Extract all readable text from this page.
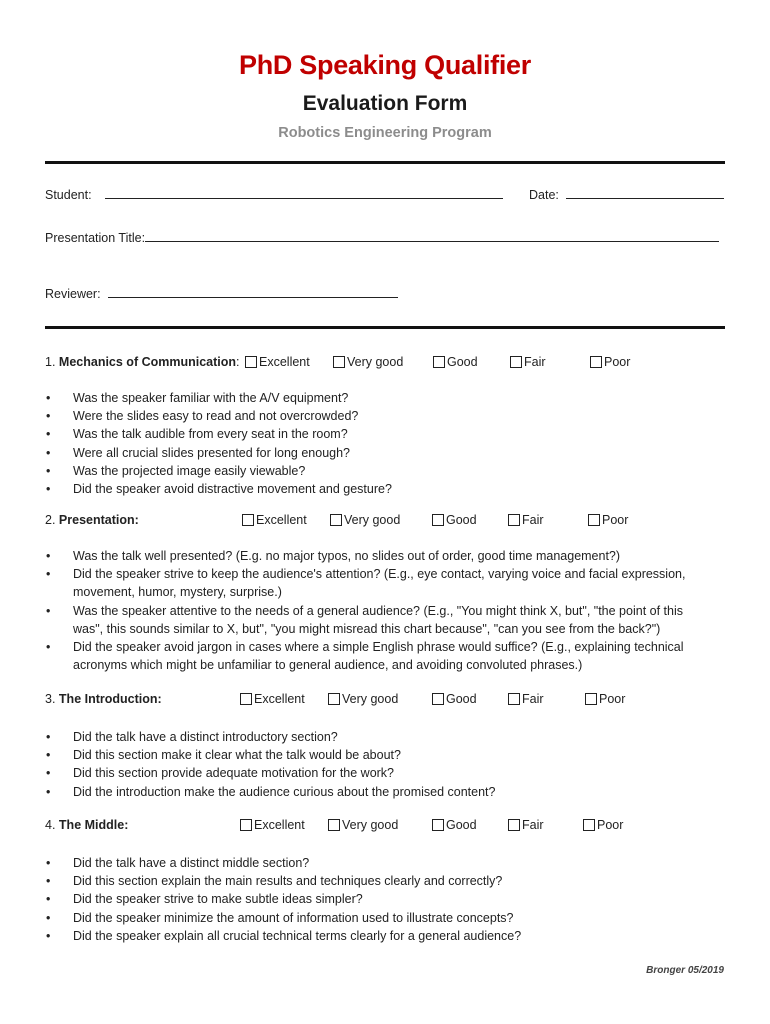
PhD Speaking Qualifier
Evaluation Form
Robotics Engineering Program
Student:	Date:
Presentation Title:
Reviewer:
1. Mechanics of Communication:	Excellent	Very good	Good	Fair	Poor
• Was the speaker familiar with the A/V equipment?
• Were the slides easy to read and not overcrowded?
• Was the talk audible from every seat in the room?
• Were all crucial slides presented for long enough?
• Was the projected image easily viewable?
• Did the speaker avoid distractive movement and gesture?
2. Presentation:	Excellent	Very good	Good	Fair	Poor
• Was the talk well presented? (E.g. no major typos, no slides out of order, good time management?)
• Did the speaker strive to keep the audience's attention? (E.g., eye contact, varying voice and facial expression, movement, humor, mystery, surprise.)
• Was the speaker attentive to the needs of a general audience? (E.g., "You might think X, but", "the point of this was", this sounds similar to X, but", "you might misread this chart because", "can you see from the back?")
• Did the speaker avoid jargon in cases where a simple English phrase would suffice? (E.g., explaining technical acronyms which might be unfamiliar to general audience, and avoiding convoluted phrases.)
3. The Introduction:	Excellent	Very good	Good	Fair	Poor
• Did the talk have a distinct introductory section?
• Did this section make it clear what the talk would be about?
• Did this section provide adequate motivation for the work?
• Did the introduction make the audience curious about the promised content?
4. The Middle:	Excellent	Very good	Good	Fair	Poor
• Did the talk have a distinct middle section?
• Did this section explain the main results and techniques clearly and correctly?
• Did the speaker strive to make subtle ideas simpler?
• Did the speaker minimize the amount of information used to illustrate concepts?
• Did the speaker explain all crucial technical terms clearly for a general audience?
Bronger 05/2019
